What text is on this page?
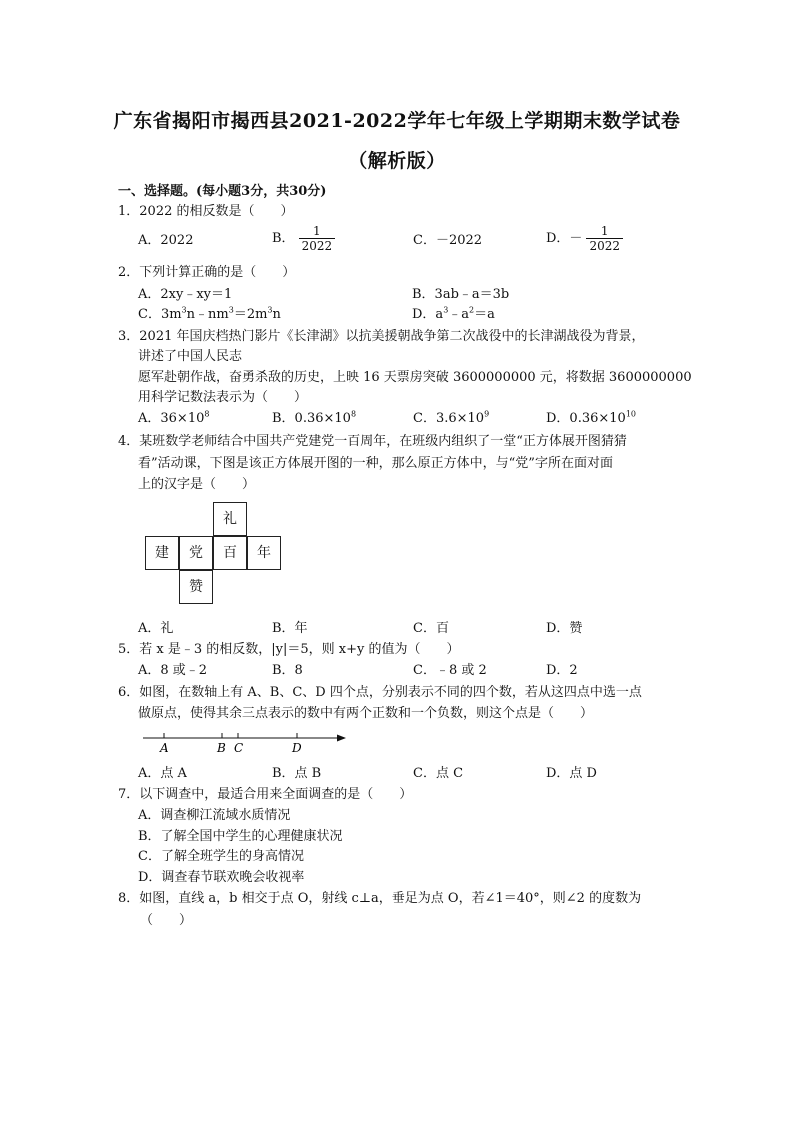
广东省揭阳市揭西县2021-2022学年七年级上学期期末数学试卷
（解析版）
一、选择题。(每小题3分，共30分)
1．2022 的相反数是（　　）
A．2022	B． $\frac{1}{2022}$	C．－2022	D．－ $\frac{1}{2022}$
2．下列计算正确的是（　　）
A．2xy﹣xy＝1	B．3ab﹣a＝3b
C．$3m^3n﹣nm^3=2m^3n$	D．$a^3﹣a^2=a$
3．2021 年国庆档热门影片《长津湖》以抗美援朝战争第二次战役中的长津湖战役为背景，
讲述了中国人民志
愿军赴朝作战，奋勇杀敌的历史，上映 16 天票房突破 3600000000 元，将数据 3600000000
用科学记数法表示为（　　）
A．$36\times 10^8$	B．$0.36\times 10^8$	C．$3.6\times 10^9$	D．$0.36\times 10^{10}$
4．某班数学老师结合中国共产党建党一百周年，在班级内组织了一堂“正方体展开图猜猜
看”活动课，下图是该正方体展开图的一种，那么原正方体中，与“党”字所在面对面
上的汉字是（　　）
礼
建	党	百	年
赞
A．礼	B．年	C．百	D．赞
5．若 x 是﹣3 的相反数，|y|＝5，则 x+y 的值为（　　）
A．8 或﹣2	B．8	C．﹣8 或 2	D．2
6．如图，在数轴上有 A、B、C、D 四个点，分别表示不同的四个数，若从这四点中选一点
做原点，使得其余三点表示的数中有两个正数和一个负数，则这个点是（　　）
A	B C	D
A．点 A	B．点 B	C．点 C	D．点 D
7．以下调查中，最适合用来全面调查的是（　　）
A．调查柳江流域水质情况
B．了解全国中学生的心理健康状况
C．了解全班学生的身高情况
D．调查春节联欢晚会收视率
8．如图，直线 a，b 相交于点 O，射线 c⊥a，垂足为点 O，若∠1＝40°，则∠2 的度数为
（　　）
